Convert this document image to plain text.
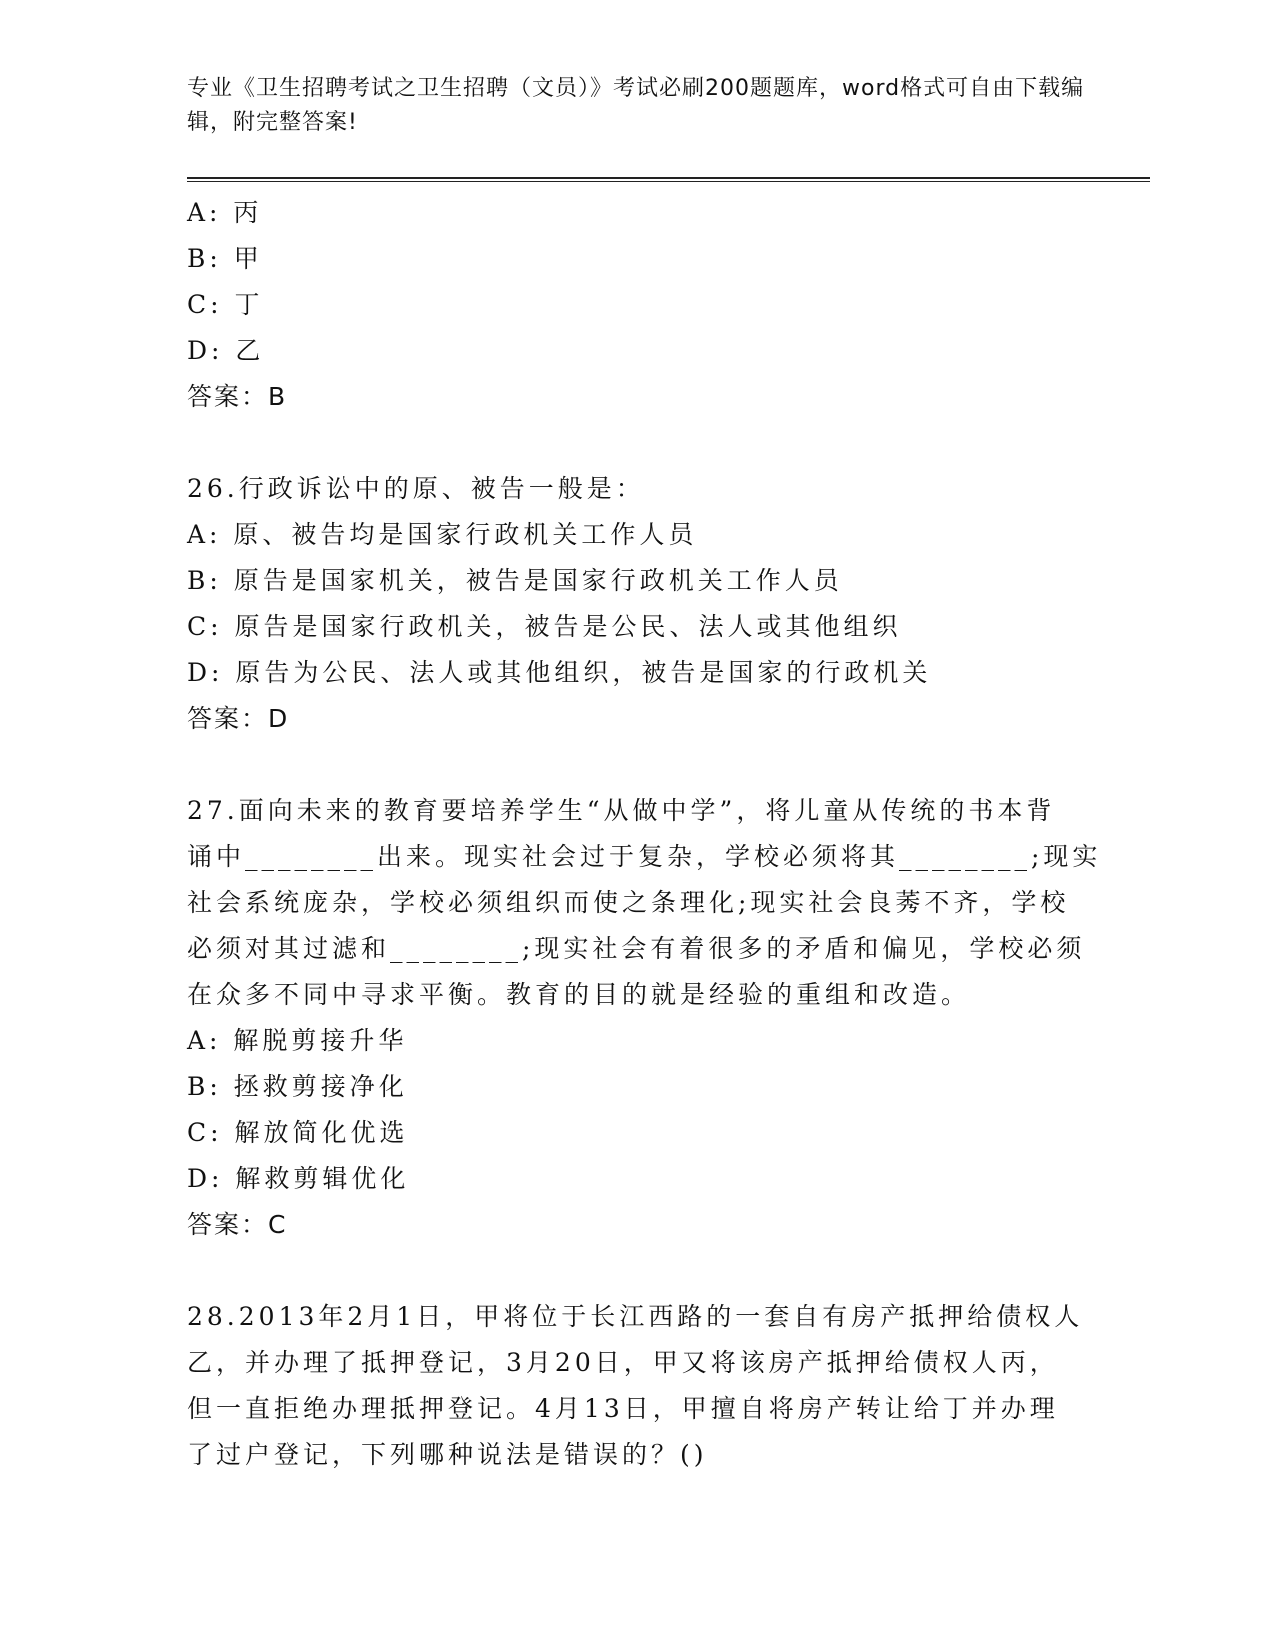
专业《卫生招聘考试之卫生招聘（文员）》考试必刷200题题库，word格式可自由下载编辑，附完整答案!
A: 丙
B: 甲
C: 丁
D: 乙
答案：B
26.行政诉讼中的原、被告一般是：
A: 原、被告均是国家行政机关工作人员
B: 原告是国家机关，被告是国家行政机关工作人员
C: 原告是国家行政机关，被告是公民、法人或其他组织
D: 原告为公民、法人或其他组织，被告是国家的行政机关
答案：D
27.面向未来的教育要培养学生“从做中学”，将儿童从传统的书本背
诵中________出来。现实社会过于复杂，学校必须将其________;现实
社会系统庞杂，学校必须组织而使之条理化;现实社会良莠不齐，学校
必须对其过滤和________;现实社会有着很多的矛盾和偏见，学校必须
在众多不同中寻求平衡。教育的目的就是经验的重组和改造。
A: 解脱剪接升华
B: 拯救剪接净化
C: 解放简化优选
D: 解救剪辑优化
答案：C
28.2013年2月1日，甲将位于长江西路的一套自有房产抵押给债权人
乙，并办理了抵押登记，3月20日，甲又将该房产抵押给债权人丙，
但一直拒绝办理抵押登记。4月13日，甲擅自将房产转让给丁并办理
了过户登记，下列哪种说法是错误的？()
